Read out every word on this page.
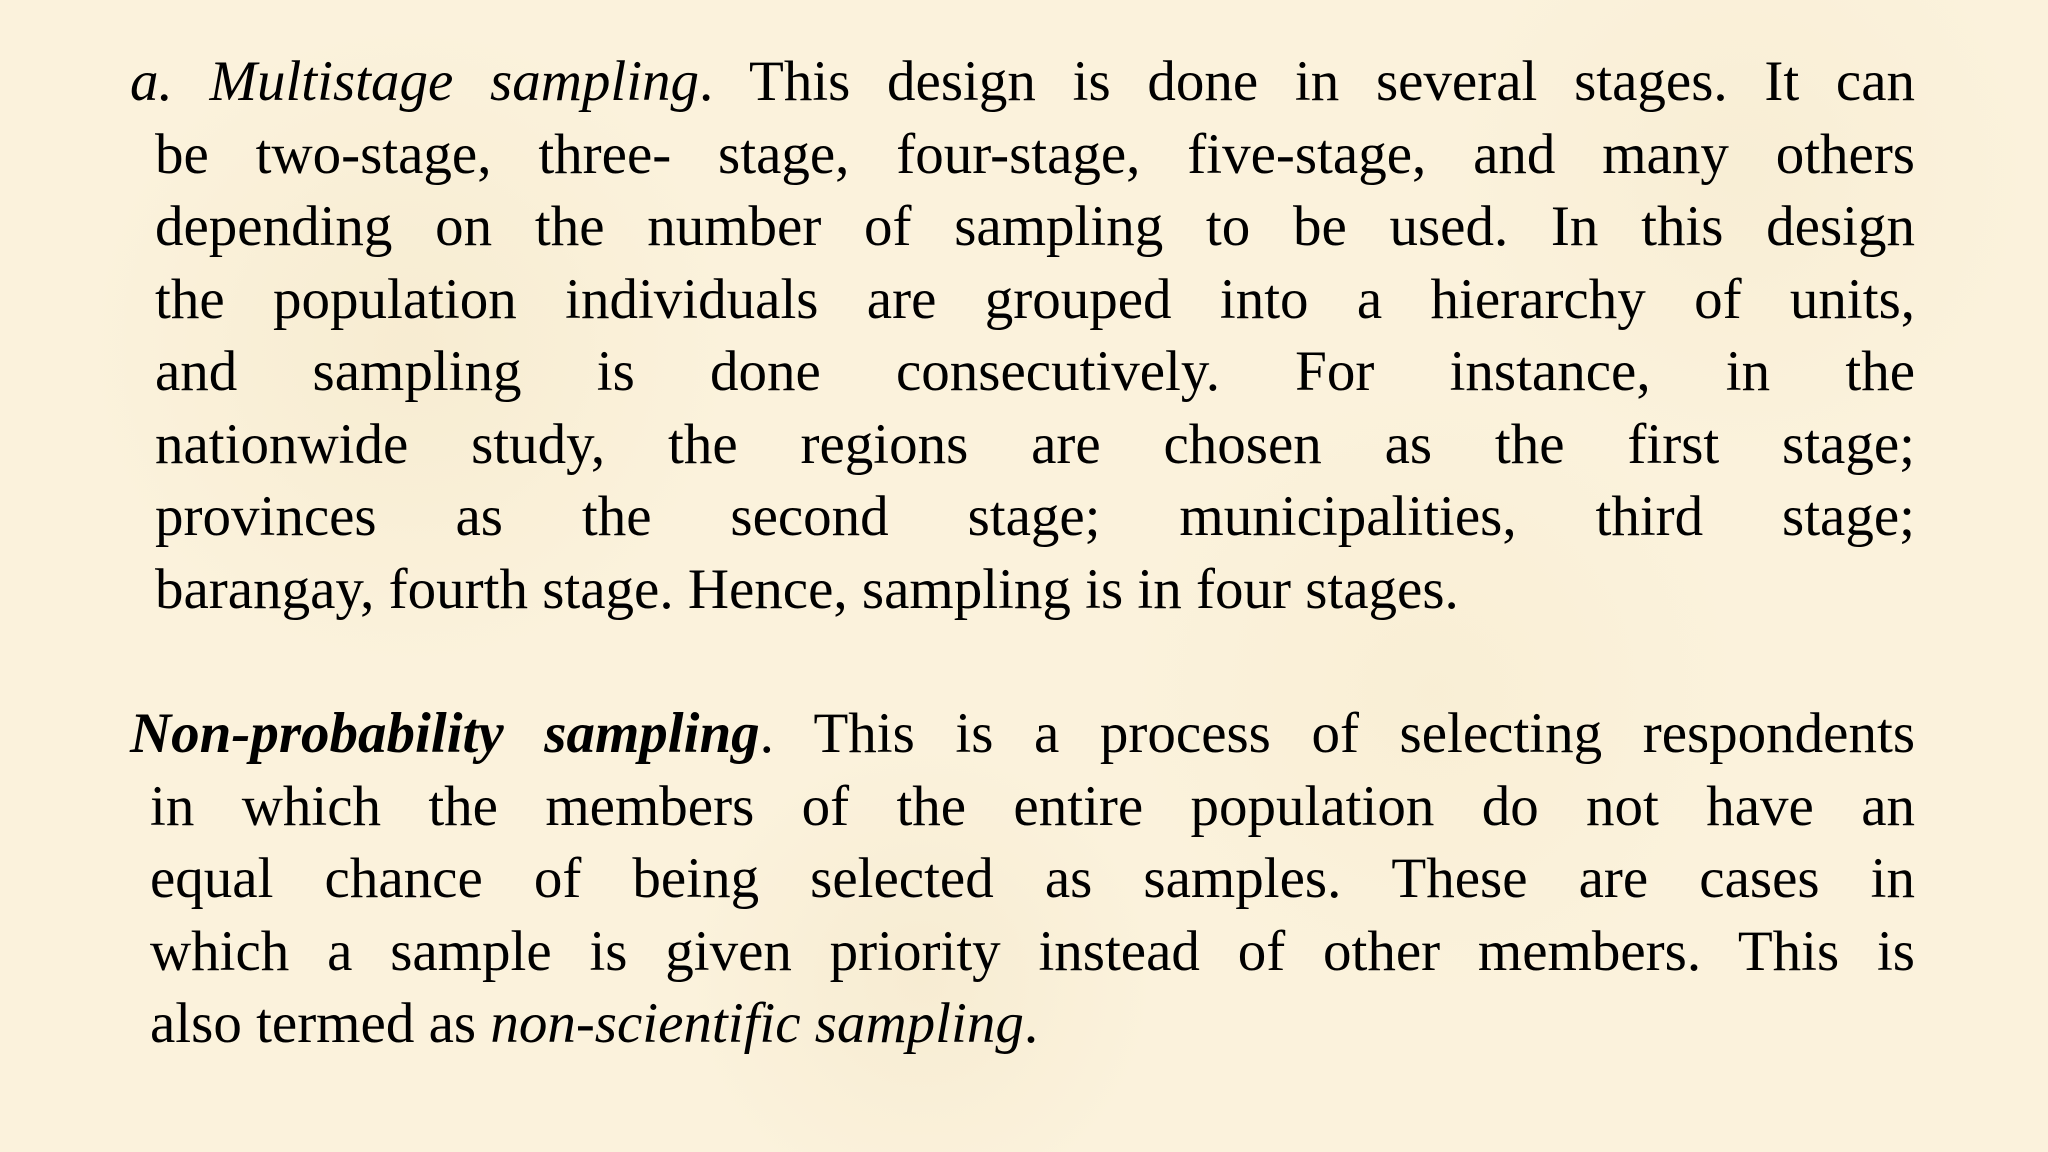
a. Multistage sampling. This design is done in several stages. It can
be two-stage, three- stage, four-stage, five-stage, and many others
depending on the number of sampling to be used. In this design
the population individuals are grouped into a hierarchy of units,
and sampling is done consecutively. For instance, in the
nationwide study, the regions are chosen as the first stage;
provinces as the second stage; municipalities, third stage;
barangay, fourth stage. Hence, sampling is in four stages.
Non-probability sampling. This is a process of selecting respondents
in which the members of the entire population do not have an
equal chance of being selected as samples. These are cases in
which a sample is given priority instead of other members. This is
also termed as non-scientific sampling.
